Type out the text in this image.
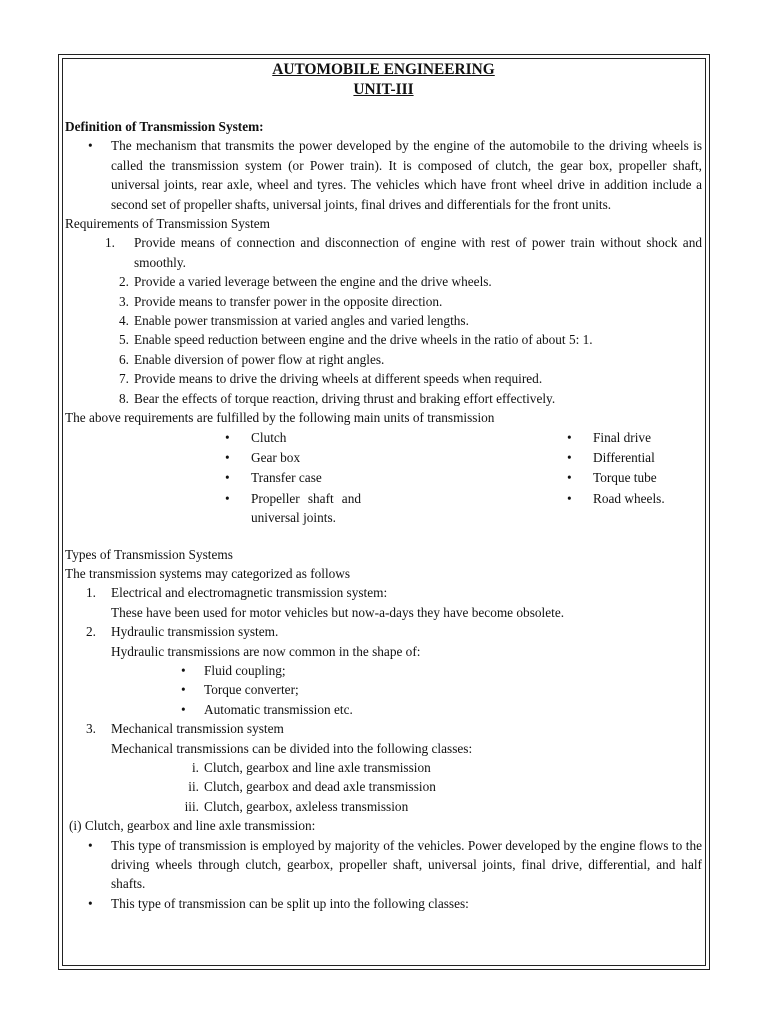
AUTOMOBILE ENGINEERING
UNIT-III
Definition of Transmission System:
• The mechanism that transmits the power developed by the engine of the automobile to the driving wheels is called the transmission system (or Power train). It is composed of clutch, the gear box, propeller shaft, universal joints, rear axle, wheel and tyres. The vehicles which have front wheel drive in addition include a second set of propeller shafts, universal joints, final drives and differentials for the front units.
Requirements of Transmission System
1.	Provide means of connection and disconnection of engine with rest of power train without shock and smoothly.
2. Provide a varied leverage between the engine and the drive wheels.
3. Provide means to transfer power in the opposite direction.
4. Enable power transmission at varied angles and varied lengths.
5. Enable speed reduction between engine and the drive wheels in the ratio of about 5: 1.
6. Enable diversion of power flow at right angles.
7. Provide means to drive the driving wheels at different speeds when required.
8. Bear the effects of torque reaction, driving thrust and braking effort effectively.
The above requirements are fulfilled by the following main units of transmission
• Clutch
• Gear box
• Transfer case
• Propeller shaft and universal joints.
• Final drive
• Differential
• Torque tube
• Road wheels.
Types of Transmission Systems
The transmission systems may categorized as follows
1. Electrical and electromagnetic transmission system:
These have been used for motor vehicles but now-a-days they have become obsolete.
2. Hydraulic transmission system.
Hydraulic transmissions are now common in the shape of:
• Fluid coupling;
• Torque converter;
• Automatic transmission etc.
3. Mechanical transmission system
Mechanical transmissions can be divided into the following classes:
i. Clutch, gearbox and line axle transmission
ii. Clutch, gearbox and dead axle transmission
iii. Clutch, gearbox, axleless transmission
(i) Clutch, gearbox and line axle transmission:
• This type of transmission is employed by majority of the vehicles. Power developed by the engine flows to the driving wheels through clutch, gearbox, propeller shaft, universal joints, final drive, differential, and half shafts.
• This type of transmission can be split up into the following classes:
